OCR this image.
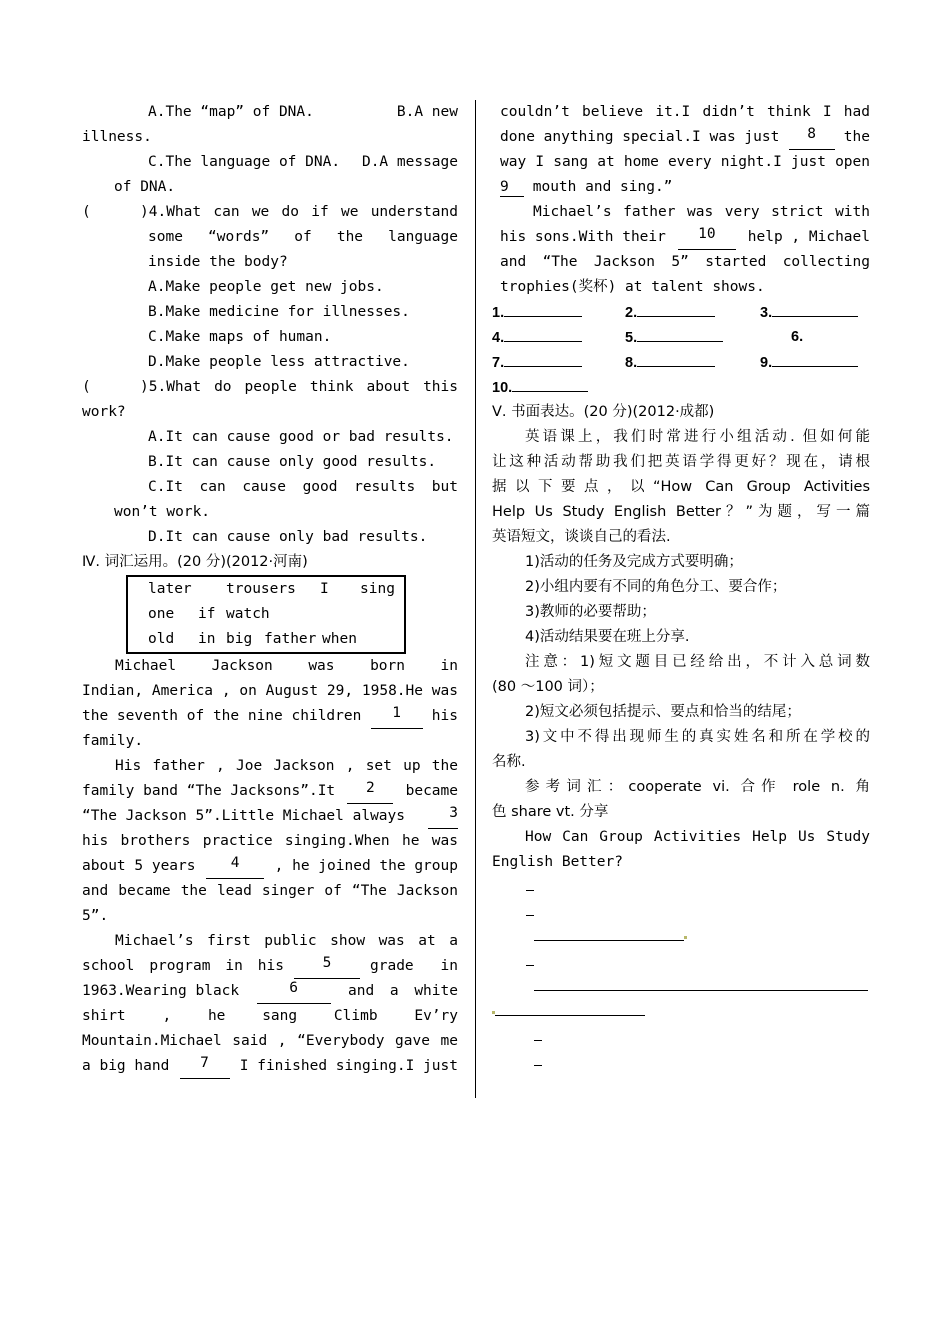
A.The “map” of DNA.	B.A new
illness.
C.The language of DNA. D.A message
of DNA.
(	)4.What can we do if we understand
some “words” of the language
inside the body?
A.Make people get new jobs.
B.Make medicine for illnesses.
C.Make maps of human.
D.Make people less attractive.
(	)5.What do people think about this
work?
A.It can cause good or bad results.
B.It can cause only good results.
C.It can cause good results but
won’t work.
D.It can cause only bad results.
Ⅳ. 词汇运用。(20 分)(2012·河南)
later trousers I sing
one if watch
old in big father when
Michael Jackson was born in
Indian, America , on August 29, 1958.He was
the seventh of the nine children	1	his
family.
His father , Joe Jackson , set up the
family band “The Jacksons”.It	2	became
“The Jackson 5”.Little Michael always	3
his brothers practice singing.When he was
about 5 years	4	, he joined the group
and became the lead singer of “The Jackson
5”.
Michael’s first public show was at a
school program in his	5	grade in
1963.Wearing black	6	and a white
shirt , he sang Climb Ev’ry
Mountain.Michael said , “Everybody gave me
a big hand	7	I finished singing.I just
couldn’t believe it.I didn’t think I had
done anything special.I was just	8	the
way I sang at home every night.I just open
9 mouth and sing.”
Michael’s father was very strict with
his sons.With their	10	help , Michael
and “The Jackson 5” started collecting
trophies(奖杯) at talent shows.
1.	2.	3.
4.	5.	6.
7.	8.	9.
10.
Ⅴ. 书面表达。(20 分)(2012·成都)
英语课上，我们时常进行小组活动. 但如何能
让这种活动帮助我们把英语学得更好？现在，请根
据以下要点，以“How Can Group Activities
Help Us Study English Better？”为题，写一篇
英语短文，谈谈自己的看法.
1)活动的任务及完成方式要明确；
2)小组内要有不同的角色分工、要合作；
3)教师的必要帮助；
4)活动结果要在班上分享.
注意：1)短文题目已经给出，不计入总词数
(80 ～100 词）；
2)短文必须包括提示、要点和恰当的结尾；
3)文中不得出现师生的真实姓名和所在学校的
名称.
参考词汇：cooperate vi. 合作 role n. 角
色 share vt. 分享
How Can Group Activities Help Us Study
English Better?
